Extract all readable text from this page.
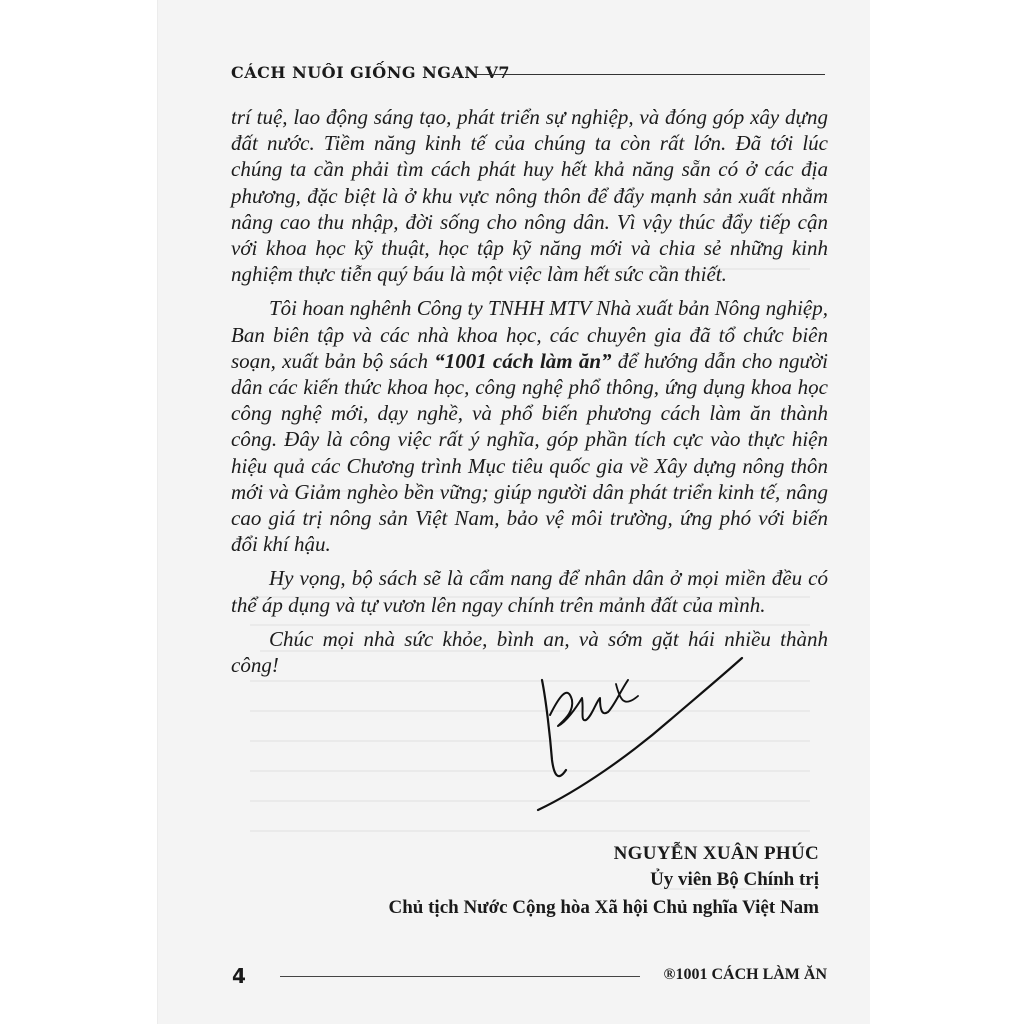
CÁCH NUÔI GIỐNG NGAN V7

trí tuệ, lao động sáng tạo, phát triển sự nghiệp, và đóng góp xây dựng đất nước. Tiềm năng kinh tế của chúng ta còn rất lớn. Đã tới lúc chúng ta cần phải tìm cách phát huy hết khả năng sẵn có ở các địa phương, đặc biệt là ở khu vực nông thôn để đẩy mạnh sản xuất nhằm nâng cao thu nhập, đời sống cho nông dân. Vì vậy thúc đẩy tiếp cận với khoa học kỹ thuật, học tập kỹ năng mới và chia sẻ những kinh nghiệm thực tiễn quý báu là một việc làm hết sức cần thiết.

Tôi hoan nghênh Công ty TNHH MTV Nhà xuất bản Nông nghiệp, Ban biên tập và các nhà khoa học, các chuyên gia đã tổ chức biên soạn, xuất bản bộ sách “1001 cách làm ăn” để hướng dẫn cho người dân các kiến thức khoa học, công nghệ phổ thông, ứng dụng khoa học công nghệ mới, dạy nghề, và phổ biến phương cách làm ăn thành công. Đây là công việc rất ý nghĩa, góp phần tích cực vào thực hiện hiệu quả các Chương trình Mục tiêu quốc gia về Xây dựng nông thôn mới và Giảm nghèo bền vững; giúp người dân phát triển kinh tế, nâng cao giá trị nông sản Việt Nam, bảo vệ môi trường, ứng phó với biến đổi khí hậu.

Hy vọng, bộ sách sẽ là cẩm nang để nhân dân ở mọi miền đều có thể áp dụng và tự vươn lên ngay chính trên mảnh đất của mình.

Chúc mọi nhà sức khỏe, bình an, và sớm gặt hái nhiều thành công!

NGUYỄN XUÂN PHÚC
Ủy viên Bộ Chính trị
Chủ tịch Nước Cộng hòa Xã hội Chủ nghĩa Việt Nam
4	®1001 CÁCH LÀM ĂN
